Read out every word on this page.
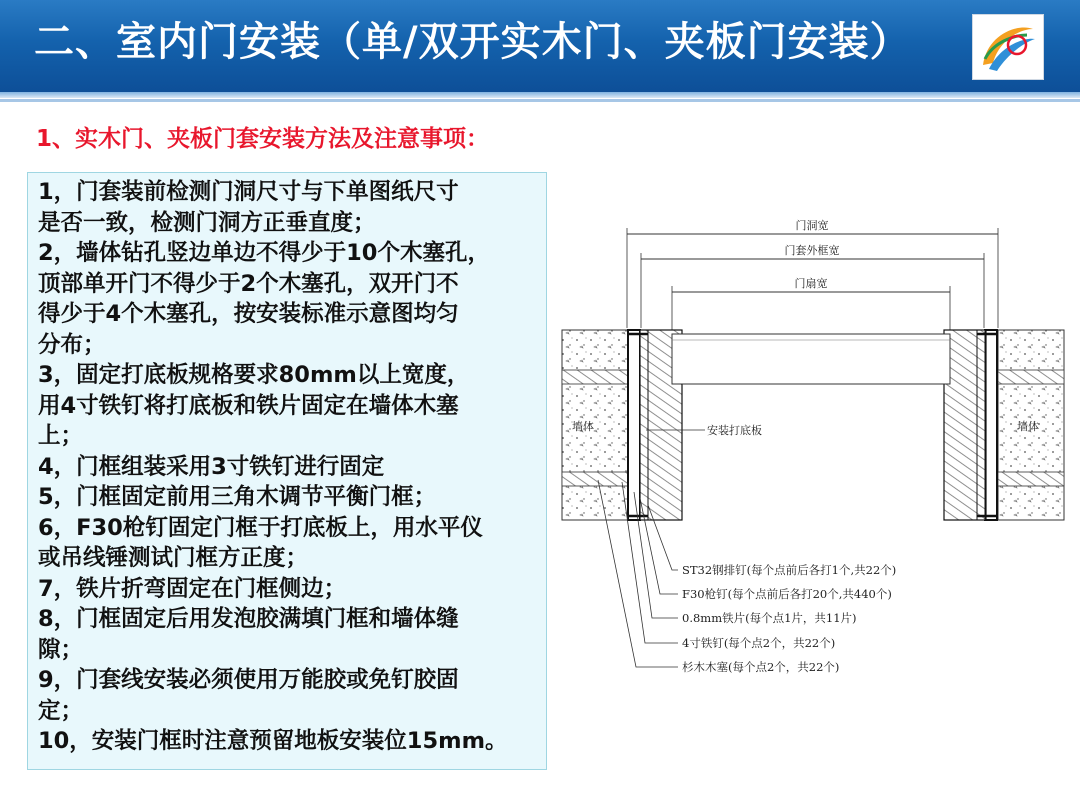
二、室内门安装（单/双开实木门、夹板门安装）
1、实木门、夹板门套安装方法及注意事项：
1，门套装前检测门洞尺寸与下单图纸尺寸
是否一致，检测门洞方正垂直度；
2，墙体钻孔竖边单边不得少于10个木塞孔，
顶部单开门不得少于2个木塞孔，双开门不
得少于4个木塞孔，按安装标准示意图均匀
分布；
3，固定打底板规格要求80mm以上宽度，
用4寸铁钉将打底板和铁片固定在墙体木塞
上；
4，门框组装采用3寸铁钉进行固定
5，门框固定前用三角木调节平衡门框；
6，F30枪钉固定门框于打底板上，用水平仪
或吊线锤测试门框方正度；
7，铁片折弯固定在门框侧边；
8，门框固定后用发泡胶满填门框和墙体缝
隙；
9，门套线安装必须使用万能胶或免钉胶固
定；
10，安装门框时注意预留地板安装位15mm。
门洞宽
门套外框宽
门扇宽
墙体	墙体
安装打底板
ST32钢排钉(每个点前后各打1个,共22个)
F30枪钉(每个点前后各打20个,共440个)
0.8mm铁片(每个点1片，共11片)
4寸铁钉(每个点2个，共22个)
杉木木塞(每个点2个，共22个)
